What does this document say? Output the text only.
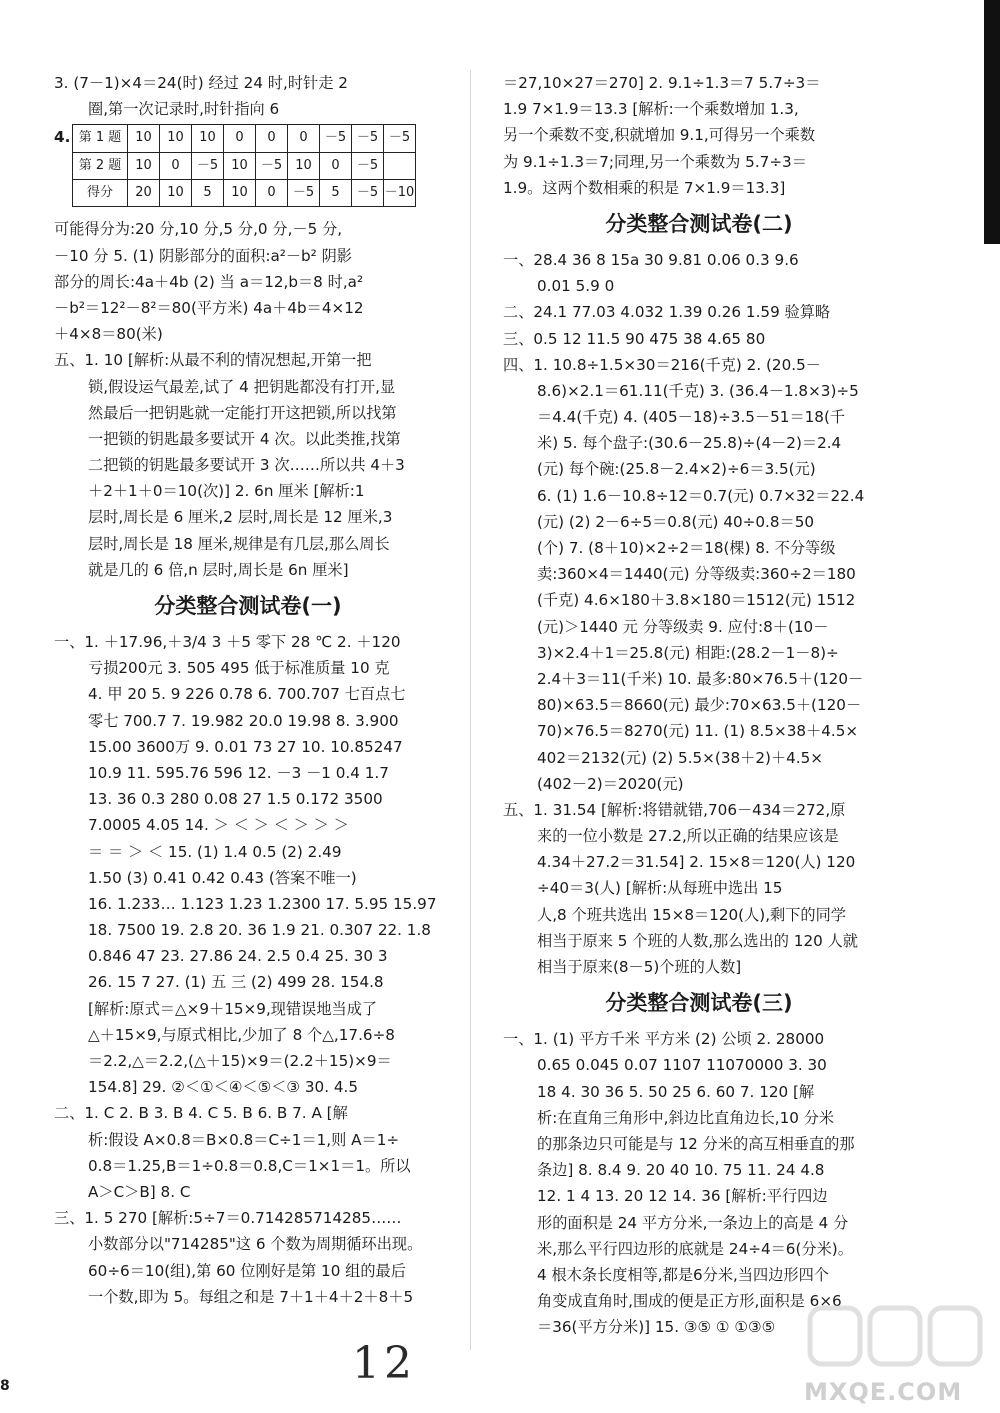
3. (7－1)×4＝24(时) 经过 24 时,时针走 2
圈,第一次记录时,时针指向 6
4. 第 1 题	10	10	10	0	0	0	－5	－5	－5
第 2 题	10	0	－5	10	－5	10	0	－5	
得分	20	10	5	10	0	－5	5	－5	－10
可能得分为:20 分,10 分,5 分,0 分,－5 分,
－10 分 5. (1) 阴影部分的面积:a²－b² 阴影
部分的周长:4a＋4b (2) 当 a＝12,b＝8 时,a²
－b²＝12²－8²＝80(平方米) 4a＋4b＝4×12
＋4×8＝80(米)
五、1. 10 [解析:从最不利的情况想起,开第一把
锁,假设运气最差,试了 4 把钥匙都没有打开,显
然最后一把钥匙就一定能打开这把锁,所以找第
一把锁的钥匙最多要试开 4 次。以此类推,找第
二把锁的钥匙最多要试开 3 次……所以共 4＋3
＋2＋1＋0＝10(次)] 2. 6n 厘米 [解析:1
层时,周长是 6 厘米,2 层时,周长是 12 厘米,3
层时,周长是 18 厘米,规律是有几层,那么周长
就是几的 6 倍,n 层时,周长是 6n 厘米]
分类整合测试卷(一)
一、1. ＋17.96,＋3/4 3 ＋5 零下 28 ℃ 2. ＋120
亏损200元 3. 505 495 低于标准质量 10 克
4. 甲 20 5. 9 226 0.78 6. 700.707 七百点七
零七 700.7 7. 19.982 20.0 19.98 8. 3.900
15.00 3600万 9. 0.01 73 27 10. 10.85247
10.9 11. 595.76 596 12. －3 －1 0.4 1.7
13. 36 0.3 280 0.08 27 1.5 0.172 3500
7.0005 4.05 14. ＞ ＜ ＞ ＜ ＞ ＞ ＞
＝ ＝ ＞ ＜ 15. (1) 1.4 0.5 (2) 2.49
1.50 (3) 0.41 0.42 0.43 (答案不唯一)
16. 1.233… 1.123 1.23 1.2300 17. 5.95 15.97
18. 7500 19. 2.8 20. 36 1.9 21. 0.307 22. 1.8
0.846 47 23. 27.86 24. 2.5 0.4 25. 30 3
26. 15 7 27. (1) 五 三 (2) 499 28. 154.8
[解析:原式＝△×9＋15×9,现错误地当成了
△＋15×9,与原式相比,少加了 8 个△,17.6÷8
＝2.2,△＝2.2,(△＋15)×9＝(2.2＋15)×9＝
154.8] 29. ②＜①＜④＜⑤＜③ 30. 4.5
二、1. C 2. B 3. B 4. C 5. B 6. B 7. A [解
析:假设 A×0.8＝B×0.8＝C÷1＝1,则 A＝1÷
0.8＝1.25,B＝1÷0.8＝0.8,C＝1×1＝1。所以
A＞C＞B] 8. C
三、1. 5 270 [解析:5÷7＝0.714285714285……
小数部分以"714285"这 6 个数为周期循环出现。
60÷6＝10(组),第 60 位刚好是第 10 组的最后
一个数,即为 5。每组之和是 7＋1＋4＋2＋8＋5
＝27,10×27＝270] 2. 9.1÷1.3＝7 5.7÷3＝
1.9 7×1.9＝13.3 [解析:一个乘数增加 1.3,
另一个乘数不变,积就增加 9.1,可得另一个乘数
为 9.1÷1.3＝7;同理,另一个乘数为 5.7÷3＝
1.9。这两个数相乘的积是 7×1.9＝13.3]
分类整合测试卷(二)
一、28.4 36 8 15a 30 9.81 0.06 0.3 9.6
0.01 5.9 0
二、24.1 77.03 4.032 1.39 0.26 1.59 验算略
三、0.5 12 11.5 90 475 38 4.65 80
四、1. 10.8÷1.5×30＝216(千克) 2. (20.5－
8.6)×2.1＝61.11(千克) 3. (36.4－1.8×3)÷5
＝4.4(千克) 4. (405－18)÷3.5－51＝18(千
米) 5. 每个盘子:(30.6－25.8)÷(4－2)＝2.4
(元) 每个碗:(25.8－2.4×2)÷6＝3.5(元)
6. (1) 1.6－10.8÷12＝0.7(元) 0.7×32＝22.4
(元) (2) 2－6÷5＝0.8(元) 40÷0.8＝50
(个) 7. (8＋10)×2÷2＝18(棵) 8. 不分等级
卖:360×4＝1440(元) 分等级卖:360÷2＝180
(千克) 4.6×180＋3.8×180＝1512(元) 1512
(元)＞1440 元 分等级卖 9. 应付:8＋(10－
3)×2.4＋1＝25.8(元) 相距:(28.2－1－8)÷
2.4＋3＝11(千米) 10. 最多:80×76.5＋(120－
80)×63.5＝8660(元) 最少:70×63.5＋(120－
70)×76.5＝8270(元) 11. (1) 8.5×38＋4.5×
402＝2132(元) (2) 5.5×(38＋2)＋4.5×
(402－2)＝2020(元)
五、1. 31.54 [解析:将错就错,706－434＝272,原
来的一位小数是 27.2,所以正确的结果应该是
4.34＋27.2＝31.54] 2. 15×8＝120(人) 120
÷40＝3(人) [解析:从每班中选出 15
人,8 个班共选出 15×8＝120(人),剩下的同学
相当于原来 5 个班的人数,那么选出的 120 人就
相当于原来(8－5)个班的人数]
分类整合测试卷(三)
一、1. (1) 平方千米 平方米 (2) 公顷 2. 28000
0.65 0.045 0.07 1107 11070000 3. 30
18 4. 30 36 5. 50 25 6. 60 7. 120 [解
析:在直角三角形中,斜边比直角边长,10 分米
的那条边只可能是与 12 分米的高互相垂直的那
条边] 8. 8.4 9. 20 40 10. 75 11. 24 4.8
12. 1 4 13. 20 12 14. 36 [解析:平行四边
形的面积是 24 平方分米,一条边上的高是 4 分
米,那么平行四边形的底就是 24÷4＝6(分米)。
4 根木条长度相等,都是6分米,当四边形四个
角变成直角时,围成的便是正方形,面积是 6×6
＝36(平方分米)] 15. ③⑤ ① ①③⑤
8	12
MXQE.COM
